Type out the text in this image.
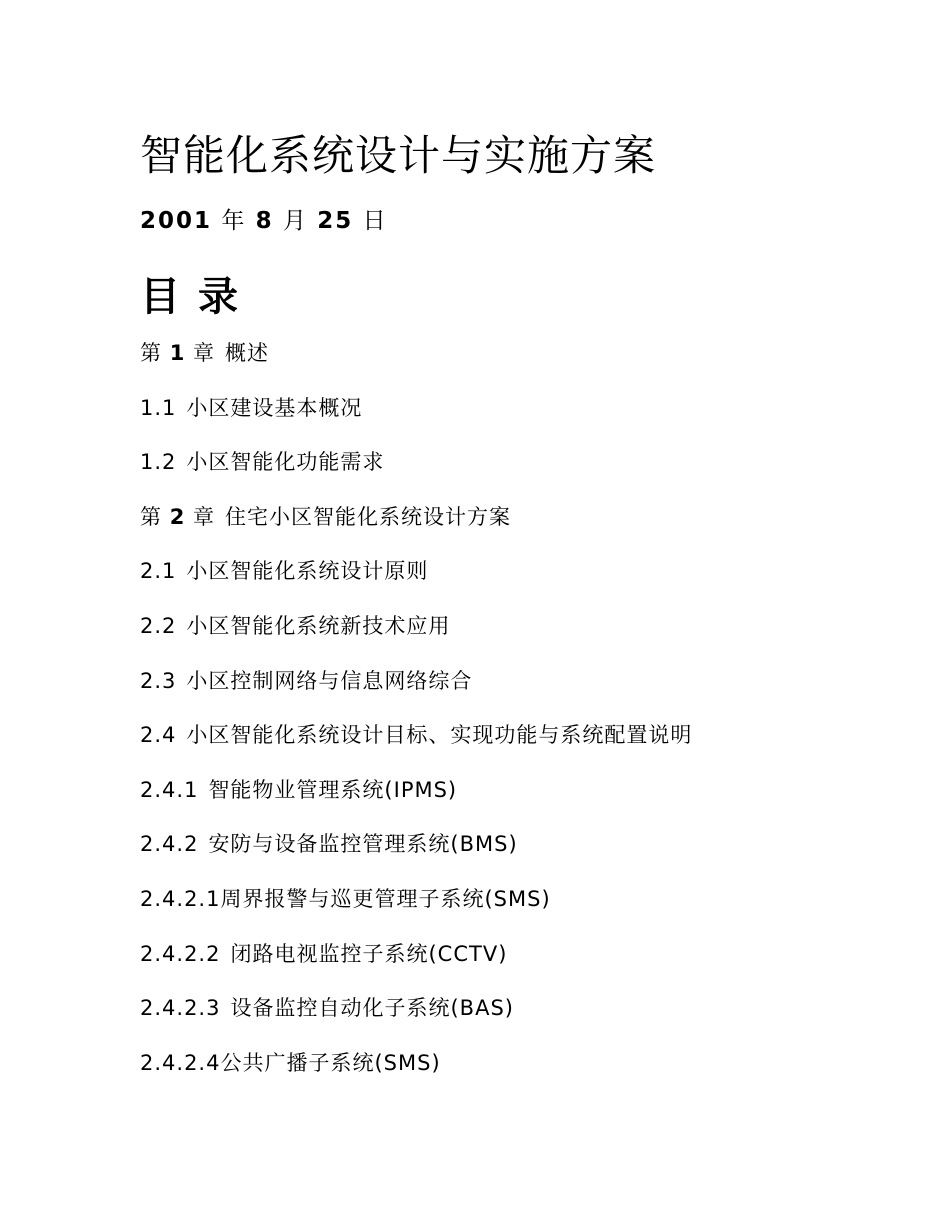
智能化系统设计与实施方案
2001 年 8 月 25 日
目 录
第 1 章 概述
1.1 小区建设基本概况
1.2 小区智能化功能需求
第 2 章 住宅小区智能化系统设计方案
2.1 小区智能化系统设计原则
2.2 小区智能化系统新技术应用
2.3 小区控制网络与信息网络综合
2.4 小区智能化系统设计目标、实现功能与系统配置说明
2.4.1 智能物业管理系统(IPMS)
2.4.2 安防与设备监控管理系统(BMS)
2.4.2.1周界报警与巡更管理子系统(SMS)
2.4.2.2 闭路电视监控子系统(CCTV)
2.4.2.3 设备监控自动化子系统(BAS)
2.4.2.4公共广播子系统(SMS)
